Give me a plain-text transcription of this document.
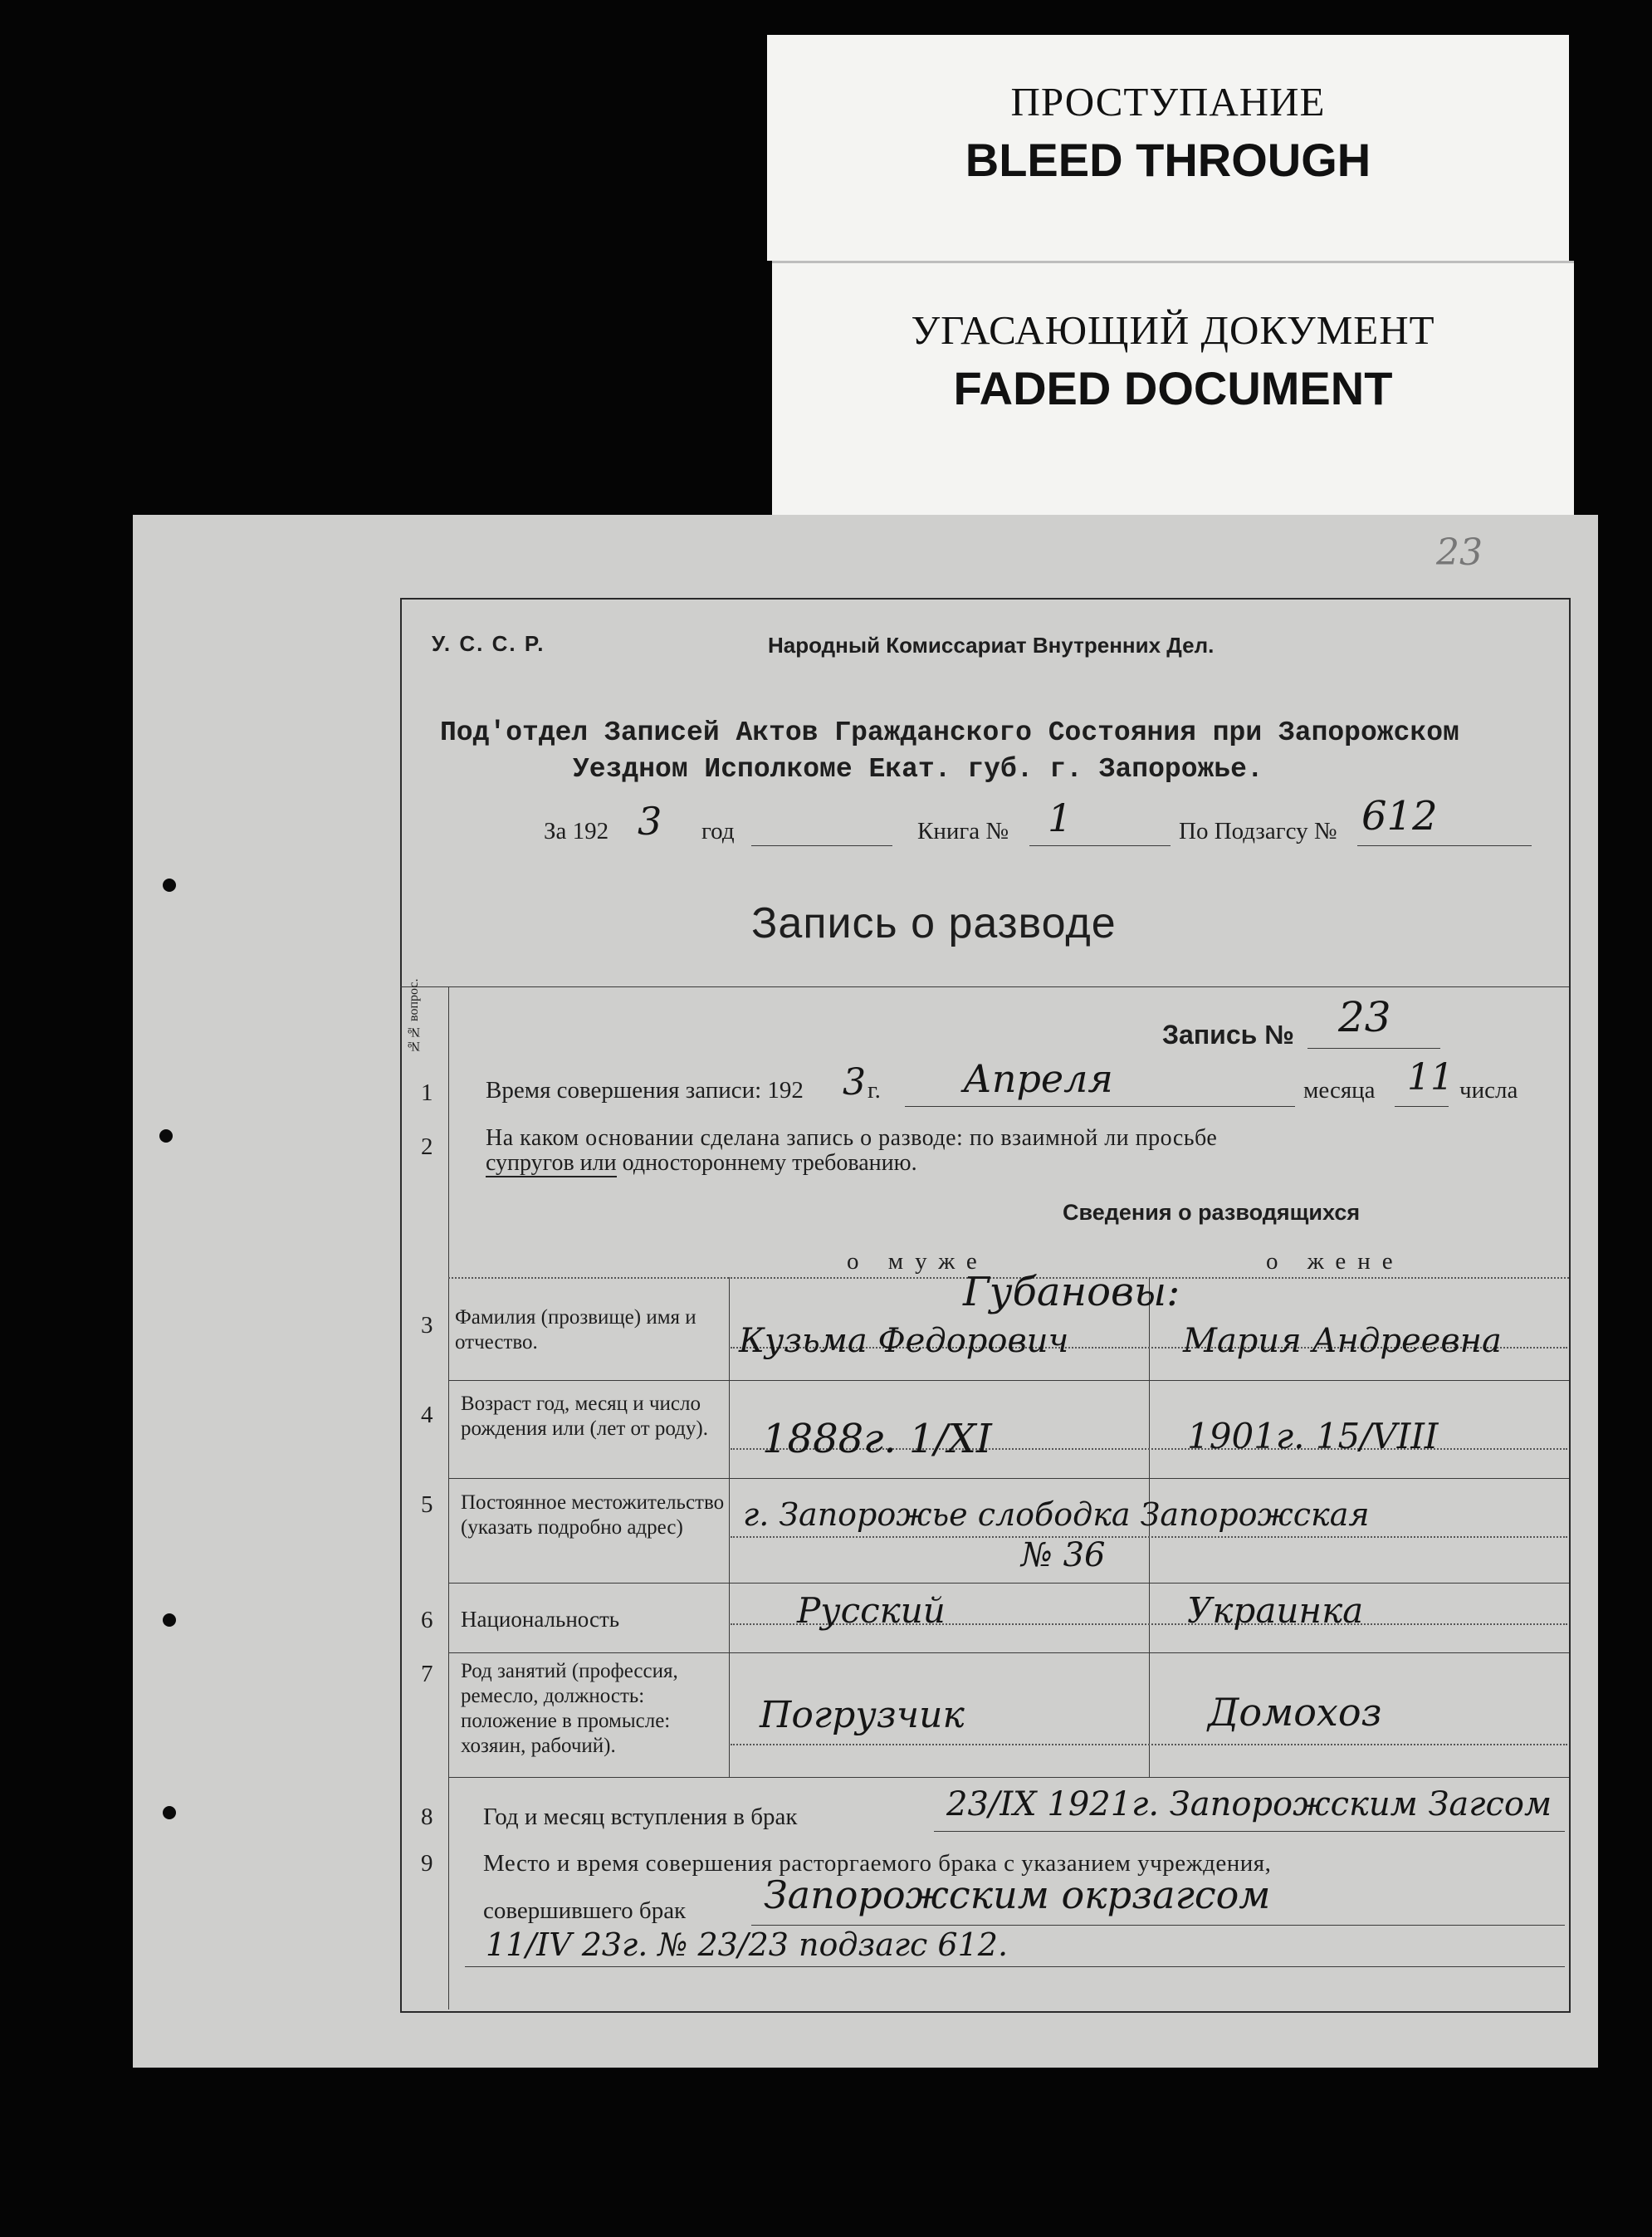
ПРОСТУПАНИЕ
BLEED THROUGH
УГАСАЮЩИЙ ДОКУМЕНТ
FADED DOCUMENT
23
У. С. С. Р.	Народный Комиссариат Внутренних Дел.
Под'отдел Записей Актов Гражданского Состояния при Запорожском
Уездном Исполкоме Екат. губ. г. Запорожье.
За 192 3 год	Книга № 1	По Подзагсу № 612
Запись о разводе
№№ вопрос.	Запись № 23
1 Время совершения записи: 192 3 г. Апреля	месяца 11 числа
2 На каком основании сделана запись о разводе: по взаимной ли просьбе
супругов или одностороннему требованию.
Сведения о разводящихся
о муже	о жене
Губановы:
3 Фамилия (прозвище) имя и отчество.	Кузьма Федорович	Мария Андреевна
4 Возраст год, месяц и число рождения или (лет от роду).	1888г. 1/XI	1901г. 15/VIII
5 Постоянное местожительство (указать подробно адрес)	г. Запорожье слободка Запорожская
№ 36
6 Национальность	Русский	Украинка
7 Род занятий (профессия, ремесло, должность: положение в промысле: хозяин, рабочий).
Погрузчик	Домохоз
8 Год и месяц вступления в брак	23/IX 1921г. Запорожским Загсом
9 Место и время совершения расторгаемого брака с указанием учреждения,
совершившего брак Запорожским окрзагсом
11/IV 23г. № 23/23 подзагс 612.
